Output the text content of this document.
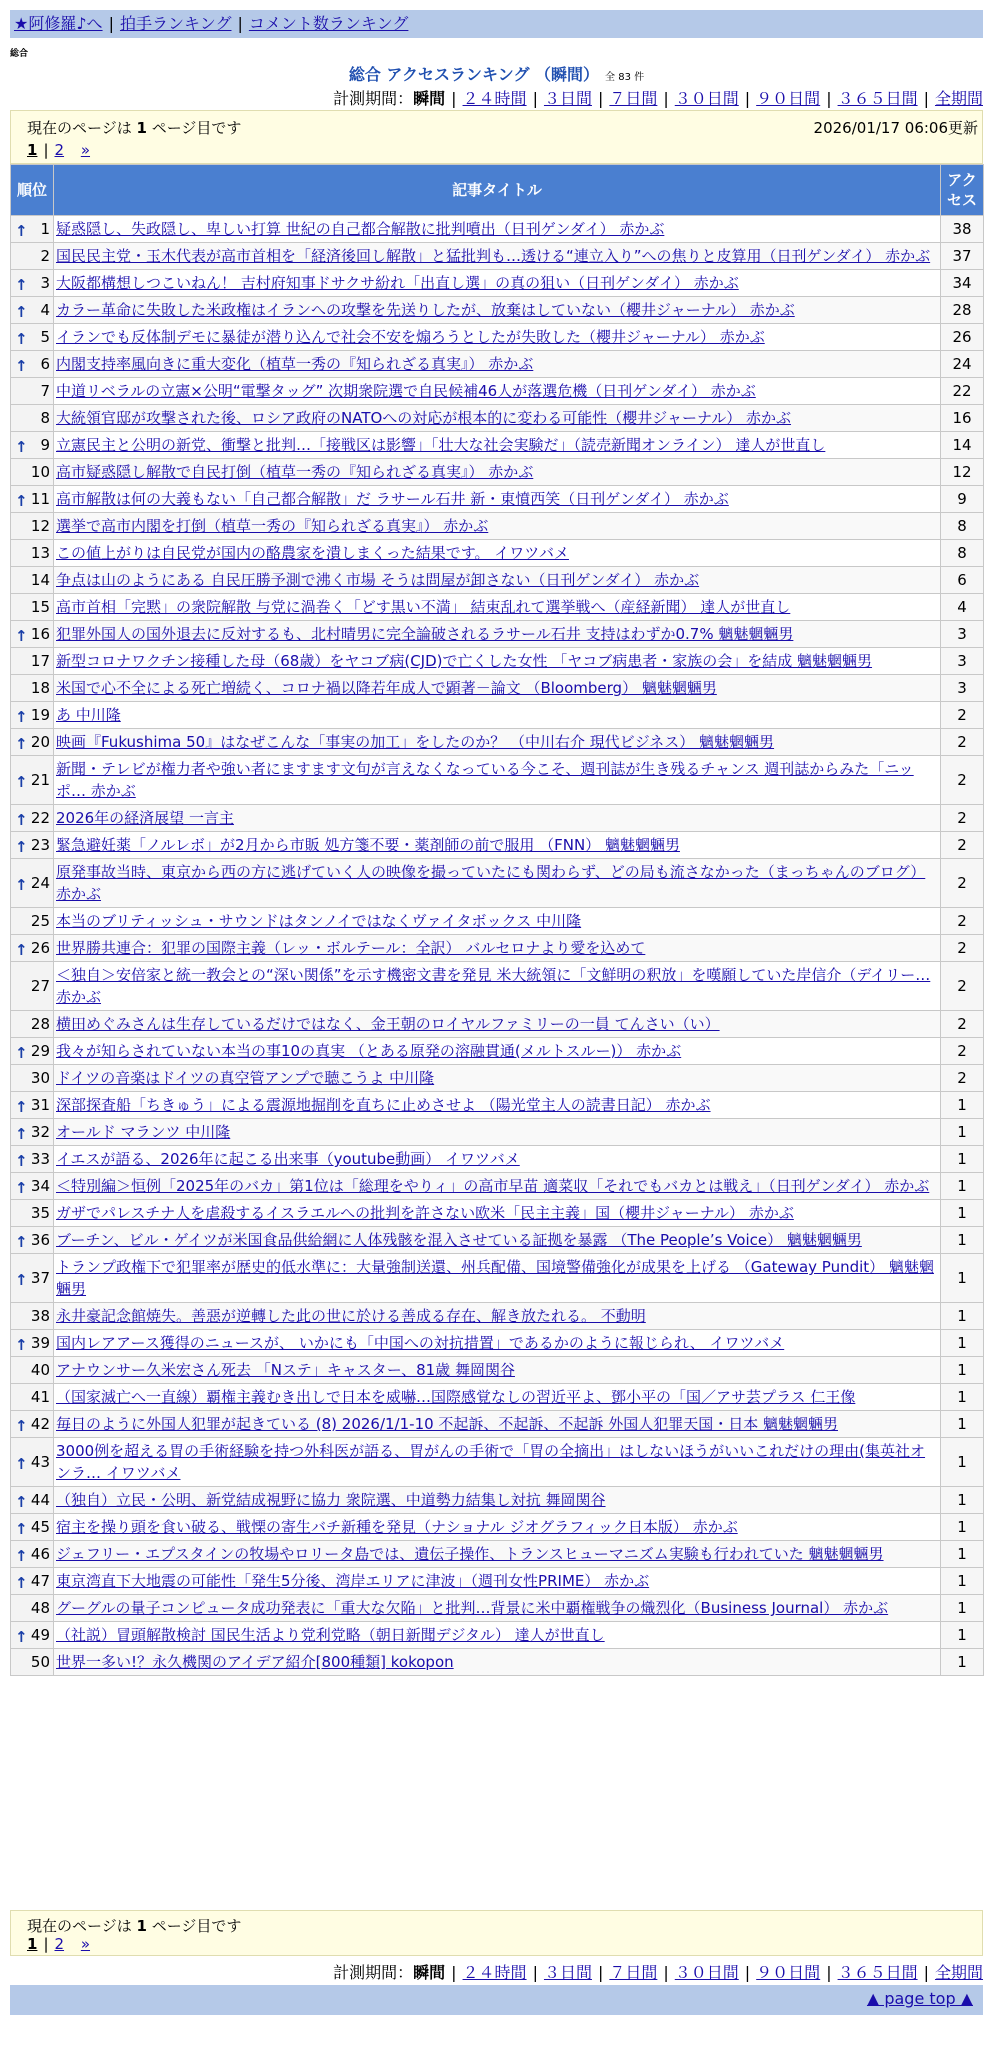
★阿修羅♪へ | 拍手ランキング | コメント数ランキング
総合
総合 アクセスランキング （瞬間） 全 83 件
計測期間：瞬間 | ２４時間 | ３日間 | ７日間 | ３０日間 | ９０日間 | ３６５日間 | 全期間
現在のページは 1 ページ目です	2026/01/17 06:06更新
1 | 2 »
順位	記事タイトル	アクセス

↑ 1	疑惑隠し、失政隠し、卑しい打算 世紀の自己都合解散に批判噴出（日刊ゲンダイ） 赤かぶ	38
2	国民民主党・玉木代表が高市首相を「経済後回し解散」と猛批判も…透ける“連立入り”への焦りと皮算用（日刊ゲンダイ） 赤かぶ	37

↑ 3	大阪都構想しつこいねん！ 吉村府知事ドサクサ紛れ「出直し選」の真の狙い（日刊ゲンダイ） 赤かぶ	34

↑ 4	カラー革命に失敗した米政権はイランへの攻撃を先送りしたが、放棄はしていない（櫻井ジャーナル） 赤かぶ	28

↑ 5	イランでも反体制デモに暴徒が潜り込んで社会不安を煽ろうとしたが失敗した（櫻井ジャーナル） 赤かぶ	26

↑ 6	内閣支持率風向きに重大変化（植草一秀の『知られざる真実』） 赤かぶ	24
7	中道リベラルの立憲×公明“電撃タッグ” 次期衆院選で自民候補46人が落選危機（日刊ゲンダイ） 赤かぶ	22
8	大統領官邸が攻撃された後、ロシア政府のNATOへの対応が根本的に変わる可能性（櫻井ジャーナル） 赤かぶ	16

↑ 9	立憲民主と公明の新党、衝撃と批判…「接戦区は影響」「壮大な社会実験だ」（読売新聞オンライン） 達人が世直し	14
10	高市疑惑隠し解散で自民打倒（植草一秀の『知られざる真実』） 赤かぶ	12

↑ 11	高市解散は何の大義もない「自己都合解散」だ ラサール石井 新・東憤西笑（日刊ゲンダイ） 赤かぶ	9
12	選挙で高市内閣を打倒（植草一秀の『知られざる真実』） 赤かぶ	8
13	この値上がりは自民党が国内の酪農家を潰しまくった結果です。 イワツバメ	8
14	争点は山のようにある 自民圧勝予測で沸く市場 そうは問屋が卸さない（日刊ゲンダイ） 赤かぶ	6
15	高市首相「完黙」の衆院解散 与党に渦巻く「どす黒い不満」 結束乱れて選挙戦へ（産経新聞） 達人が世直し	4

↑ 16	犯罪外国人の国外退去に反対するも、北村晴男に完全論破されるラサール石井 支持はわずか0.7% 魑魅魍魎男	3
17	新型コロナワクチン接種した母（68歳）をヤコブ病(CJD)で亡くした女性 「ヤコブ病患者・家族の会」を結成 魑魅魍魎男	3
18	米国で心不全による死亡増続く、コロナ禍以降若年成人で顕著－論文 （Bloomberg） 魑魅魍魎男	3

↑ 19	あ 中川隆	2

↑ 20	映画『Fukushima 50』はなぜこんな「事実の加工」をしたのか？ （中川右介 現代ビジネス） 魑魅魍魎男	2

↑ 21	新聞・テレビが権力者や強い者にますます文句が言えなくなっている今こそ、週刊誌が生き残るチャンス 週刊誌からみた「ニッポ… 赤かぶ	2

↑ 22	2026年の経済展望 一言主	2

↑ 23	緊急避妊薬「ノルレボ」が2月から市販 処方箋不要・薬剤師の前で服用 （FNN） 魑魅魍魎男	2

↑ 24	原発事故当時、東京から西の方に逃げていく人の映像を撮っていたにも関わらず、どの局も流さなかった（まっちゃんのブログ） 赤かぶ	2
25	本当のブリティッシュ・サウンドはタンノイではなくヴァイタボックス 中川隆	2

↑ 26	世界勝共連合：犯罪の国際主義（レッ・ボルテール：全訳） バルセロナより愛を込めて	2
27	＜独自＞安倍家と統一教会との“深い関係”を示す機密文書を発見 米大統領に「文鮮明の釈放」を嘆願していた岸信介（デイリー… 赤かぶ	2
28	横田めぐみさんは生存しているだけではなく、金王朝のロイヤルファミリーの一員 てんさい（い）	2

↑ 29	我々が知らされていない本当の事10の真実 （とある原発の溶融貫通(メルトスルー)） 赤かぶ	2
30	ドイツの音楽はドイツの真空管アンプで聴こうよ 中川隆	2

↑ 31	深部探査船「ちきゅう」による震源地掘削を直ちに止めさせよ （陽光堂主人の読書日記） 赤かぶ	1

↑ 32	オールド マランツ 中川隆	1

↑ 33	イエスが語る、2026年に起こる出来事（youtube動画） イワツバメ	1

↑ 34	＜特別編＞恒例「2025年のバカ」第1位は「総理をやりィ」の高市早苗 適菜収「それでもバカとは戦え」（日刊ゲンダイ） 赤かぶ	1
35	ガザでパレスチナ人を虐殺するイスラエルへの批判を許さない欧米「民主主義」国（櫻井ジャーナル） 赤かぶ	1

↑ 36	ブーチン、ビル・ゲイツが米国食品供給網に人体残骸を混入させている証拠を暴露 （The People’s Voice） 魑魅魍魎男	1

↑ 37	トランプ政権下で犯罪率が歴史的低水準に：大量強制送還、州兵配備、国境警備強化が成果を上げる （Gateway Pundit） 魑魅魍魎男	1
38	永井豪記念館焼失。善惡が逆轉した此の世に於ける善成る存在、解き放たれる。 不動明	1

↑ 39	国内レアアース獲得のニュースが、 いかにも「中国への対抗措置」であるかのように報じられ、 イワツバメ	1
40	アナウンサー久米宏さん死去 「Nステ」キャスター、81歳 舞岡関谷	1
41	（国家滅亡へ一直線）覇権主義むき出しで日本を威嚇…国際感覚なしの習近平よ、鄧小平の「国／アサ芸プラス 仁王像	1

↑ 42	毎日のように外国人犯罪が起きている (8) 2026/1/1-10 不起訴、不起訴、不起訴 外国人犯罪天国・日本 魑魅魍魎男	1

↑ 43	3000例を超える胃の手術経験を持つ外科医が語る、胃がんの手術で「胃の全摘出」はしないほうがいいこれだけの理由(集英社オンラ… イワツバメ	1

↑ 44	（独自）立民・公明、新党結成視野に協力 衆院選、中道勢力結集し対抗 舞岡関谷	1

↑ 45	宿主を操り頭を食い破る、戦慄の寄生バチ新種を発見（ナショナル ジオグラフィック日本版） 赤かぶ	1

↑ 46	ジェフリー・エプスタインの牧場やロリータ島では、遺伝子操作、トランスヒューマニズム実験も行われていた 魑魅魍魎男	1

↑ 47	東京湾直下大地震の可能性「発生5分後、湾岸エリアに津波」（週刊女性PRIME） 赤かぶ	1
48	グーグルの量子コンピュータ成功発表に「重大な欠陥」と批判…背景に米中覇権戦争の熾烈化（Business Journal） 赤かぶ	1

↑ 49	（社説）冒頭解散検討 国民生活より党利党略（朝日新聞デジタル） 達人が世直し	1
50	世界一多い!？永久機関のアイデア紹介[800種類] kokopon	1
現在のページは 1 ページ目です
1 | 2 »
計測期間：瞬間 | ２４時間 | ３日間 | ７日間 | ３０日間 | ９０日間 | ３６５日間 | 全期間
▲ page top ▲
